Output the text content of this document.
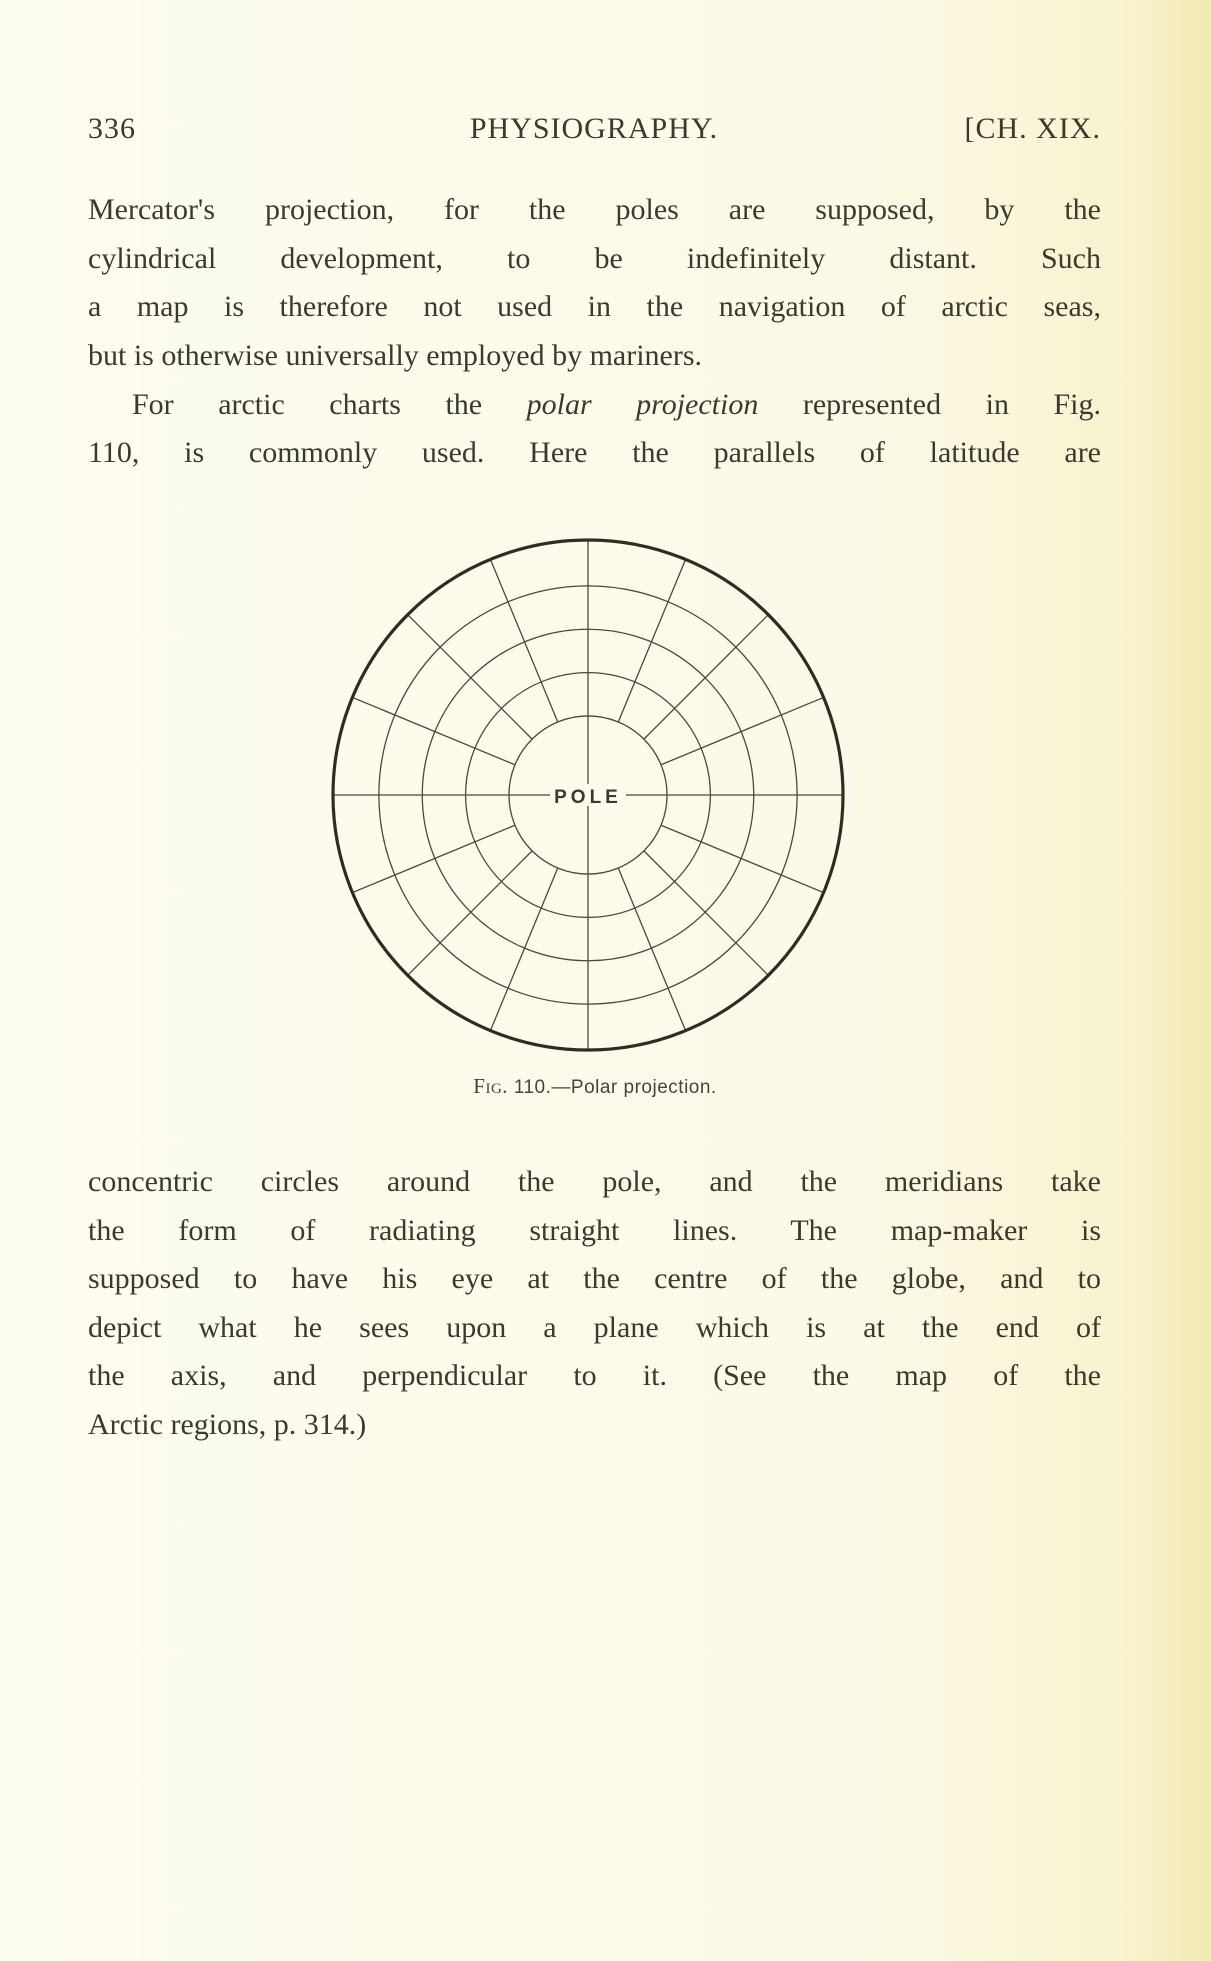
336	PHYSIOGRAPHY.	[CH. XIX.
Mercator's projection, for the poles are supposed, by the
cylindrical development, to be indefinitely distant. Such
a map is therefore not used in the navigation of arctic seas,
but is otherwise universally employed by mariners.
For arctic charts the polar projection represented in Fig.
110, is commonly used. Here the parallels of latitude are
POLE
Fig. 110.—Polar projection.
concentric circles around the pole, and the meridians take
the form of radiating straight lines. The map-maker is
supposed to have his eye at the centre of the globe, and to
depict what he sees upon a plane which is at the end of
the axis, and perpendicular to it. (See the map of the
Arctic regions, p. 314.)
